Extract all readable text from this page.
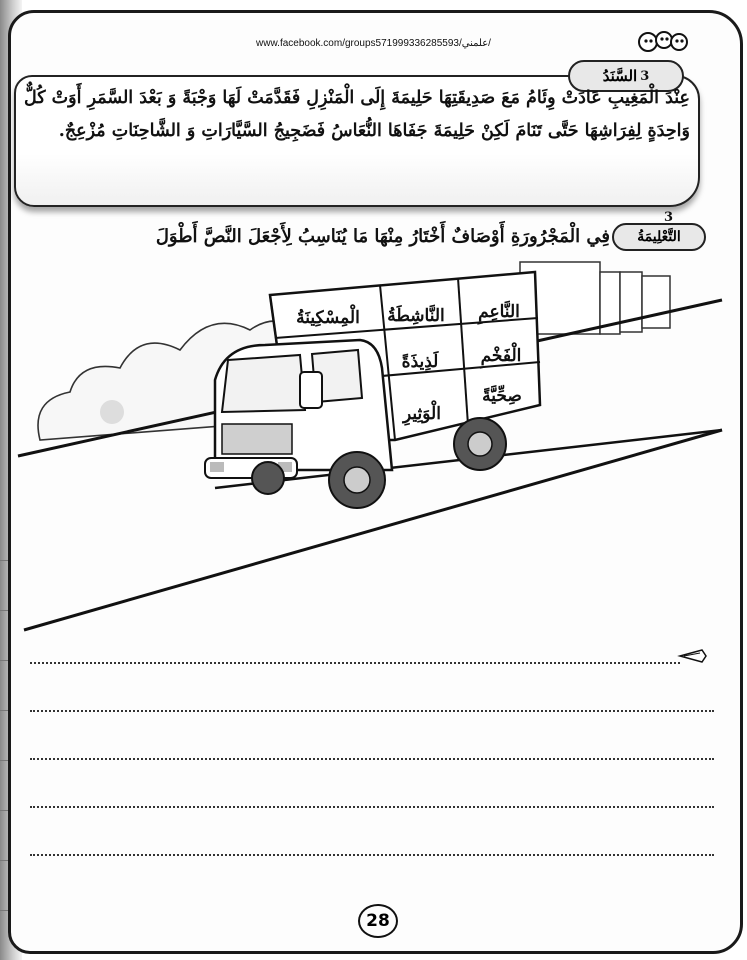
www.facebook.com/groups571999336285593/علمني/
السَّنَدُ 3
عِنْدَ الْمَغِيبِ عَادَتْ وِئَامُ مَعَ صَدِيقَتِهَا حَلِيمَةَ إِلَى الْمَنْزِلِ فَقَدَّمَتْ لَهَا وَجْبَةً وَ بَعْدَ السَّمَرِ أَوَتْ كُلٌّ وَاحِدَةٍ لِفِرَاشِهَا حَتَّى تَنَامَ لَكِنْ حَلِيمَةَ جَفَاهَا النُّعَاسُ فَضَجِيجُ السَّيَّارَاتِ وَ الشَّاحِنَاتِ مُزْعِجٌ.
التَّعْلِيمَةُ
3
فِي الْمَجْرُورَةِ أَوْصَافٌ أَخْتَارُ مِنْهَا مَا يُنَاسِبُ لِأَجْعَلَ النَّصَّ أَطْوَلَ
النَّاعِمِ
النَّاشِطَةُ
الْمِسْكِينَةُ
الْفَخْمِ
لَذِيذَةً
صِحِّيَّةً
الْوَثِيرِ
28
